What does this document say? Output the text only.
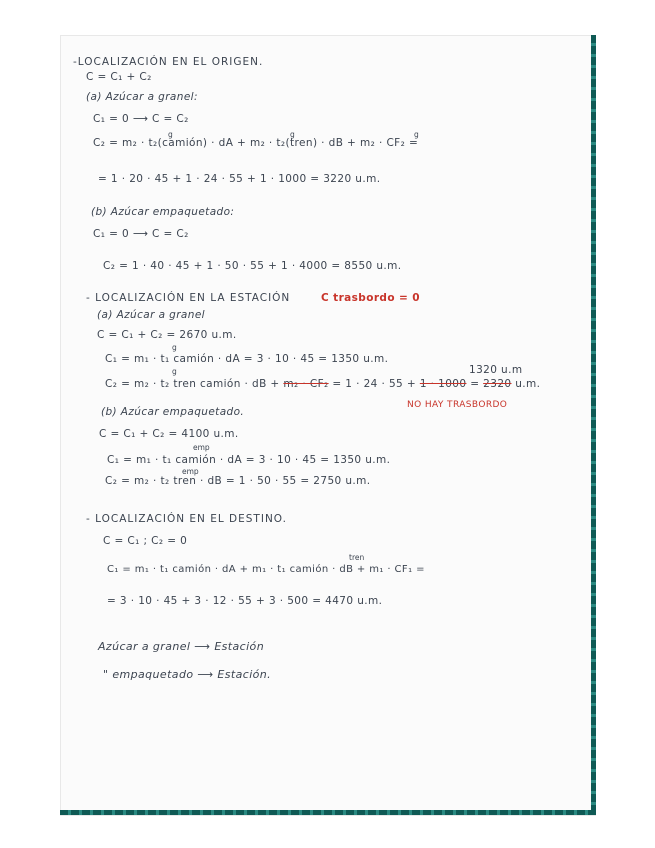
-LOCALIZACIÓN EN EL ORIGEN.
C = C₁ + C₂
(a) Azúcar a granel:
C₁ = 0 ⟶ C = C₂
C₂ = m₂ · t₂(camión) · dA + m₂ · t₂(tren) · dB + m₂ · CF₂ =
g	g	g
= 1 · 20 · 45 + 1 · 24 · 55 + 1 · 1000 = 3220 u.m.
(b) Azúcar empaquetado:
C₁ = 0 ⟶ C = C₂
C₂ = 1 · 40 · 45 + 1 · 50 · 55 + 1 · 4000 = 8550 u.m.
- LOCALIZACIÓN EN LA ESTACIÓN	C trasbordo = 0
(a) Azúcar a granel
C = C₁ + C₂ = 2670 u.m.
g
C₁ = m₁ · t₁ camión · dA = 3 · 10 · 45 = 1350 u.m.
g	1320 u.m
C₂ = m₂ · t₂ tren camión · dB + m₂ · CF₂ = 1 · 24 · 55 + 1 · 1000 = 2320 u.m.
NO HAY TRASBORDO
(b) Azúcar empaquetado.
C = C₁ + C₂ = 4100 u.m.
emp
C₁ = m₁ · t₁ camión · dA = 3 · 10 · 45 = 1350 u.m.
emp
C₂ = m₂ · t₂ tren · dB = 1 · 50 · 55 = 2750 u.m.
- LOCALIZACIÓN EN EL DESTINO.
C = C₁ ; C₂ = 0
tren
C₁ = m₁ · t₁ camión · dA + m₁ · t₁ camión · dB + m₁ · CF₁ =
= 3 · 10 · 45 + 3 · 12 · 55 + 3 · 500 = 4470 u.m.
Azúcar a granel ⟶ Estación
" empaquetado ⟶ Estación.
